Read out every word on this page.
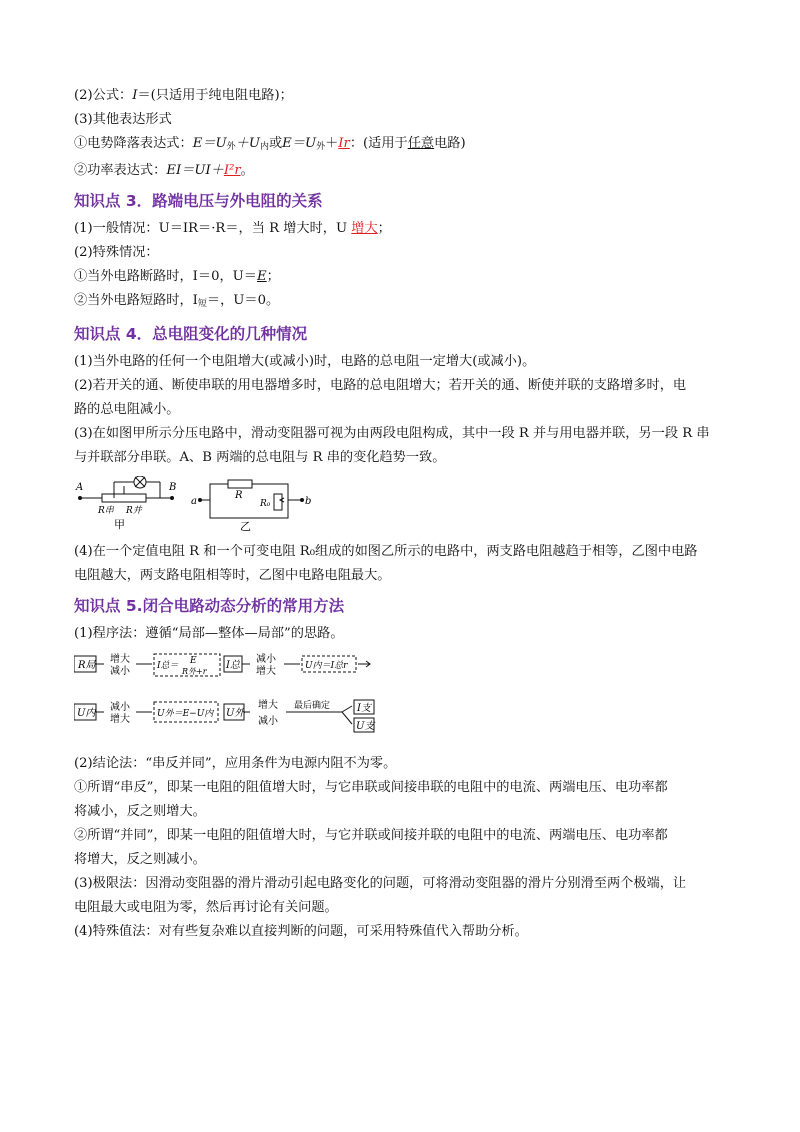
(2)公式：I＝(只适用于纯电阻电路)；
(3)其他表达形式
①电势降落表达式：$E=U_外+U_内$或$E=U_外+Ir$：(适用于任意电路)
②功率表达式：EI＝UI＋I²r。
知识点 3．路端电压与外电阻的关系
(1)一般情况：U＝IR＝·R＝，当 R 增大时，U 增大；
(2)特殊情况：
①当外电路断路时，I＝0，U＝E；
②当外电路短路时，$I_短=$，U＝0。
知识点 4．总电阻变化的几种情况
(1)当外电路的任何一个电阻增大(或减小)时，电路的总电阻一定增大(或减小)。
(2)若开关的通、断使串联的用电器增多时，电路的总电阻增大；若开关的通、断使并联的支路增多时，电
路的总电阻减小。
(3)在如图甲所示分压电路中，滑动变阻器可视为由两段电阻构成，其中一段 R 并与用电器并联，另一段 R 串
与并联部分串联。A、B 两端的总电阻与 R 串的变化趋势一致。
A	B
R串 R并
甲
a	b
R
R₀
乙
(4)在一个定值电阻 R 和一个可变电阻 R₀组成的如图乙所示的电路中，两支路电阻越趋于相等，乙图中电路
电阻越大，两支路电阻相等时，乙图中电路电阻最大。
知识点 5.闭合电路动态分析的常用方法
(1)程序法：遵循“局部—整体—局部”的思路。
R局
增大
减小	I总＝ E
R外+r
I总
减小
增大	U内＝I总r
U内
减小
增大	U外＝E−U内 U外
增大
减小
最后确定	I支
U支
(2)结论法：“串反并同”，应用条件为电源内阻不为零。
①所谓“串反”，即某一电阻的阻值增大时，与它串联或间接串联的电阻中的电流、两端电压、电功率都
将减小，反之则增大。
②所谓“并同”，即某一电阻的阻值增大时，与它并联或间接并联的电阻中的电流、两端电压、电功率都
将增大，反之则减小。
(3)极限法：因滑动变阻器的滑片滑动引起电路变化的问题，可将滑动变阻器的滑片分别滑至两个极端，让
电阻最大或电阻为零，然后再讨论有关问题。
(4)特殊值法：对有些复杂难以直接判断的问题，可采用特殊值代入帮助分析。
